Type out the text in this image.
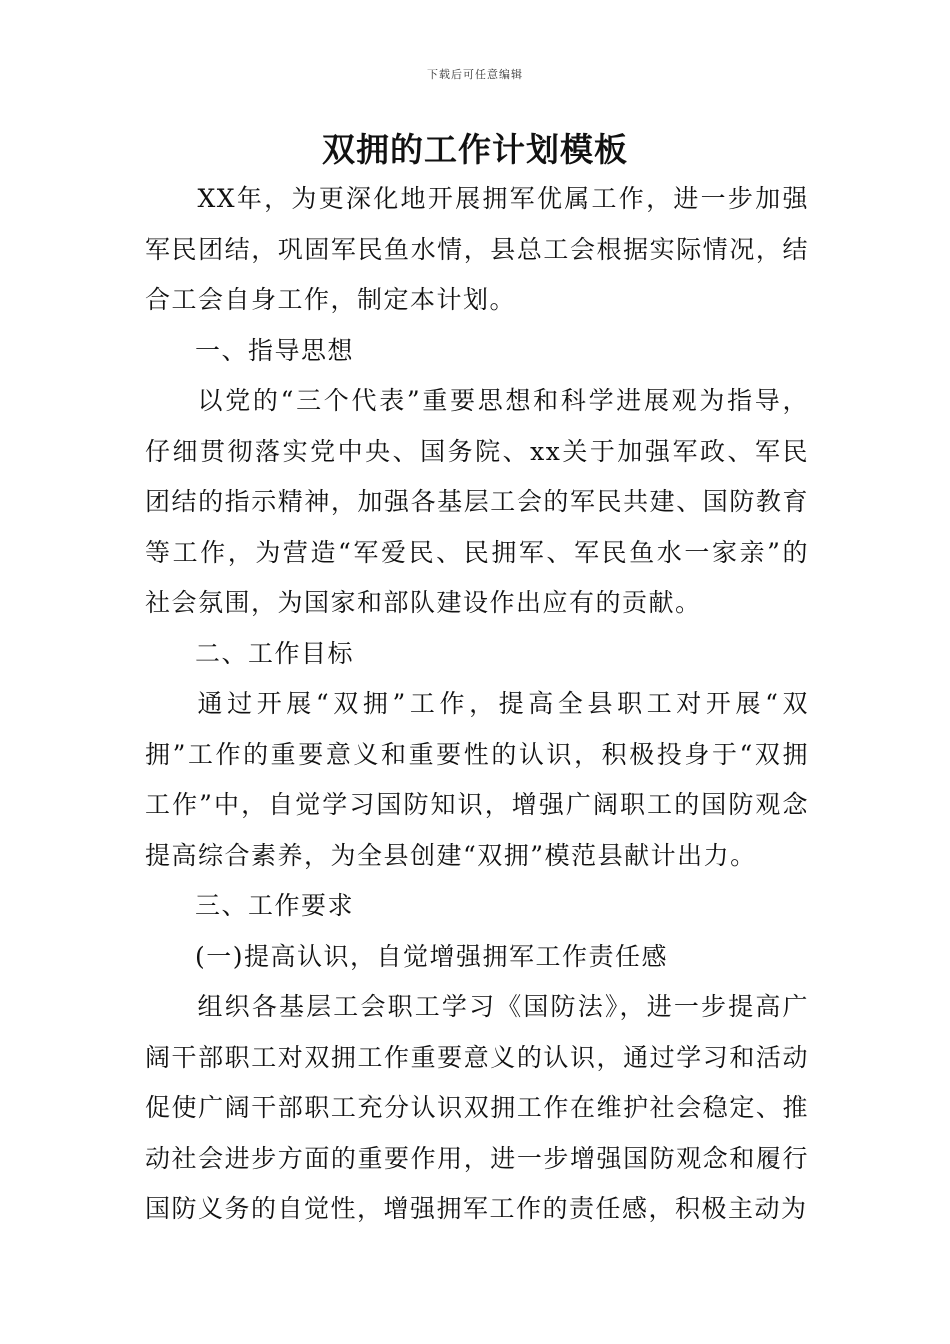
下载后可任意编辑
双拥的工作计划模板

XX年，为更深化地开展拥军优属工作，进一步加强军民团结，巩固军民鱼水情，县总工会根据实际情况，结合工会自身工作，制定本计划。

一、指导思想

以党的“三个代表”重要思想和科学进展观为指导，仔细贯彻落实党中央、国务院、xx关于加强军政、军民团结的指示精神，加强各基层工会的军民共建、国防教育等工作，为营造“军爱民、民拥军、军民鱼水一家亲”的社会氛围，为国家和部队建设作出应有的贡献。

二、工作目标

通过开展“双拥”工作，提高全县职工对开展“双拥”工作的重要意义和重要性的认识，积极投身于“双拥工作”中，自觉学习国防知识，增强广阔职工的国防观念提高综合素养，为全县创建“双拥”模范县献计出力。

三、工作要求

(一)提高认识，自觉增强拥军工作责任感

组织各基层工会职工学习《国防法》，进一步提高广阔干部职工对双拥工作重要意义的认识，通过学习和活动促使广阔干部职工充分认识双拥工作在维护社会稳定、推动社会进步方面的重要作用，进一步增强国防观念和履行国防义务的自觉性，增强拥军工作的责任感，积极主动为
